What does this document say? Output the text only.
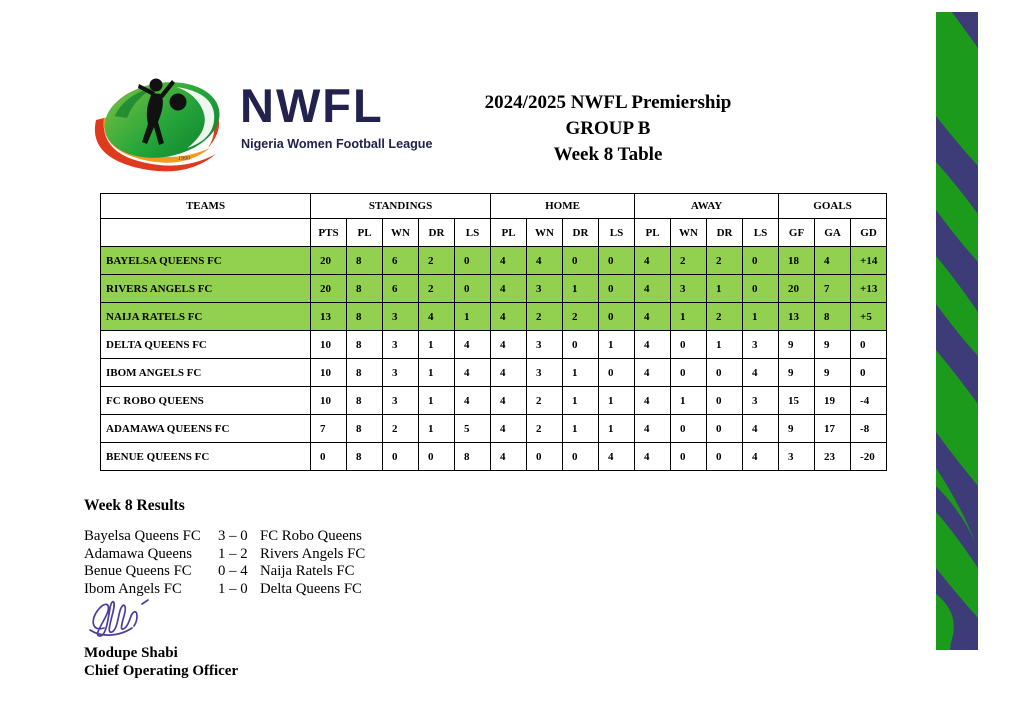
1990
NWFL
Nigeria Women Football League
2024/2025 NWFL Premiership
GROUP B
Week 8 Table
TEAMS	STANDINGS					HOME				AWAY				GOALS		
	PTS	PL	WN	DR	LS	PL	WN	DR	LS	PL	WN	DR	LS	GF	GA	GD
BAYELSA QUEENS FC	20	8	6	2	0	4	4	0	0	4	2	2	0	18	4	+14
RIVERS ANGELS FC	20	8	6	2	0	4	3	1	0	4	3	1	0	20	7	+13
NAIJA RATELS FC	13	8	3	4	1	4	2	2	0	4	1	2	1	13	8	+5
DELTA QUEENS FC	10	8	3	1	4	4	3	0	1	4	0	1	3	9	9	0
IBOM ANGELS FC	10	8	3	1	4	4	3	1	0	4	0	0	4	9	9	0
FC ROBO QUEENS	10	8	3	1	4	4	2	1	1	4	1	0	3	15	19	-4
ADAMAWA QUEENS FC	7	8	2	1	5	4	2	1	1	4	0	0	4	9	17	-8
BENUE QUEENS FC	0	8	0	0	8	4	0	0	4	4	0	0	4	3	23	-20
Week 8 Results
Bayelsa Queens FC	3 – 0 FC Robo Queens
Adamawa Queens	1 – 2 Rivers Angels FC
Benue Queens FC	0 – 4 Naija Ratels FC
Ibom Angels FC	1 – 0 Delta Queens FC
Modupe Shabi
Chief Operating Officer
